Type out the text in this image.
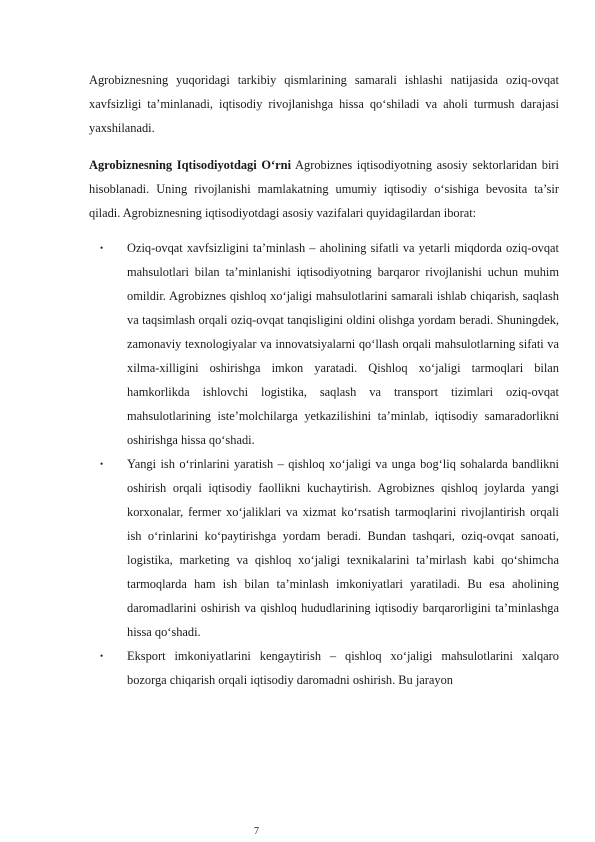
Agrobiznesning yuqoridagi tarkibiy qismlarining samarali ishlashi natijasida oziq-ovqat xavfsizligi ta’minlanadi, iqtisodiy rivojlanishga hissa qo‘shiladi va aholi turmush darajasi yaxshilanadi.

Agrobiznesning Iqtisodiyotdagi O‘rni Agrobiznes iqtisodiyotning asosiy sektorlaridan biri hisoblanadi. Uning rivojlanishi mamlakatning umumiy iqtisodiy o‘sishiga bevosita ta’sir qiladi. Agrobiznesning iqtisodiyotdagi asosiy vazifalari quyidagilardan iborat:

• Oziq-ovqat xavfsizligini ta’minlash – aholining sifatli va yetarli miqdorda oziq-ovqat mahsulotlari bilan ta’minlanishi iqtisodiyotning barqaror rivojlanishi uchun muhim omildir. Agrobiznes qishloq xo‘jaligi mahsulotlarini samarali ishlab chiqarish, saqlash va taqsimlash orqali oziq-ovqat tanqisligini oldini olishga yordam beradi. Shuningdek, zamonaviy texnologiyalar va innovatsiyalarni qo‘llash orqali mahsulotlarning sifati va xilma-xilligini oshirishga imkon yaratadi. Qishloq xo‘jaligi tarmoqlari bilan hamkorlikda ishlovchi logistika, saqlash va transport tizimlari oziq-ovqat mahsulotlarining iste’molchilarga yetkazilishini ta’minlab, iqtisodiy samaradorlikni oshirishga hissa qo‘shadi.
• Yangi ish o‘rinlarini yaratish – qishloq xo‘jaligi va unga bog‘liq sohalarda bandlikni oshirish orqali iqtisodiy faollikni kuchaytirish. Agrobiznes qishloq joylarda yangi korxonalar, fermer xo‘jaliklari va xizmat ko‘rsatish tarmoqlarini rivojlantirish orqali ish o‘rinlarini ko‘paytirishga yordam beradi. Bundan tashqari, oziq-ovqat sanoati, logistika, marketing va qishloq xo‘jaligi texnikalarini ta’mirlash kabi qo‘shimcha tarmoqlarda ham ish bilan ta’minlash imkoniyatlari yaratiladi. Bu esa aholining daromadlarini oshirish va qishloq hududlarining iqtisodiy barqarorligini ta’minlashga hissa qo‘shadi.
• Eksport imkoniyatlarini kengaytirish – qishloq xo‘jaligi mahsulotlarini xalqaro bozorga chiqarish orqali iqtisodiy daromadni oshirish. Bu jarayon
7
